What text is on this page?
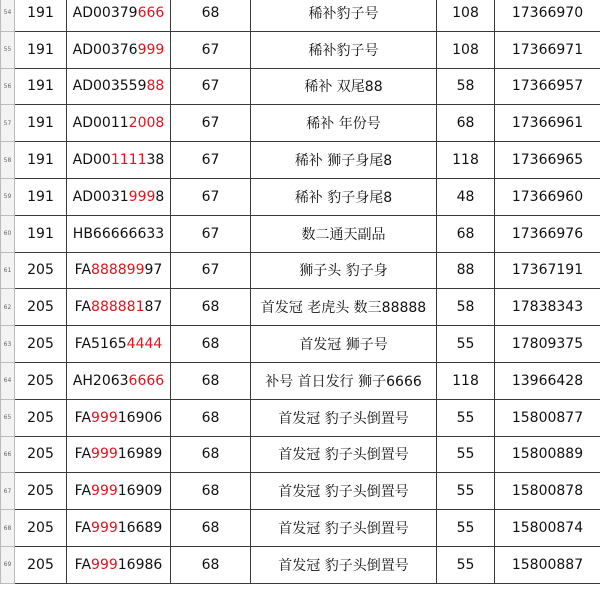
54	191	AD00379666	68	稀补豹子号	108	17366970
55	191	AD00376999	67	稀补豹子号	108	17366971
56	191	AD00355988	67	稀补 双尾88	58	17366957
57	191	AD00112008	67	稀补 年份号	68	17366961
58	191	AD00111138	67	稀补 狮子身尾8	118	17366965
59	191	AD00319998	67	稀补 豹子身尾8	48	17366960
60	191	HB66666633	67	数二通天副品	68	17366976
61	205	FA88889997	67	狮子头 豹子身	88	17367191
62	205	FA88888187	68	首发冠 老虎头 数三88888	58	17838343
63	205	FA51654444	68	首发冠 狮子号	55	17809375
64	205	AH20636666	68	补号 首日发行 狮子6666	118	13966428
65	205	FA99916906	68	首发冠 豹子头倒置号	55	15800877
66	205	FA99916989	68	首发冠 豹子头倒置号	55	15800889
67	205	FA99916909	68	首发冠 豹子头倒置号	55	15800878
68	205	FA99916689	68	首发冠 豹子头倒置号	55	15800874
69	205	FA99916986	68	首发冠 豹子头倒置号	55	15800887
